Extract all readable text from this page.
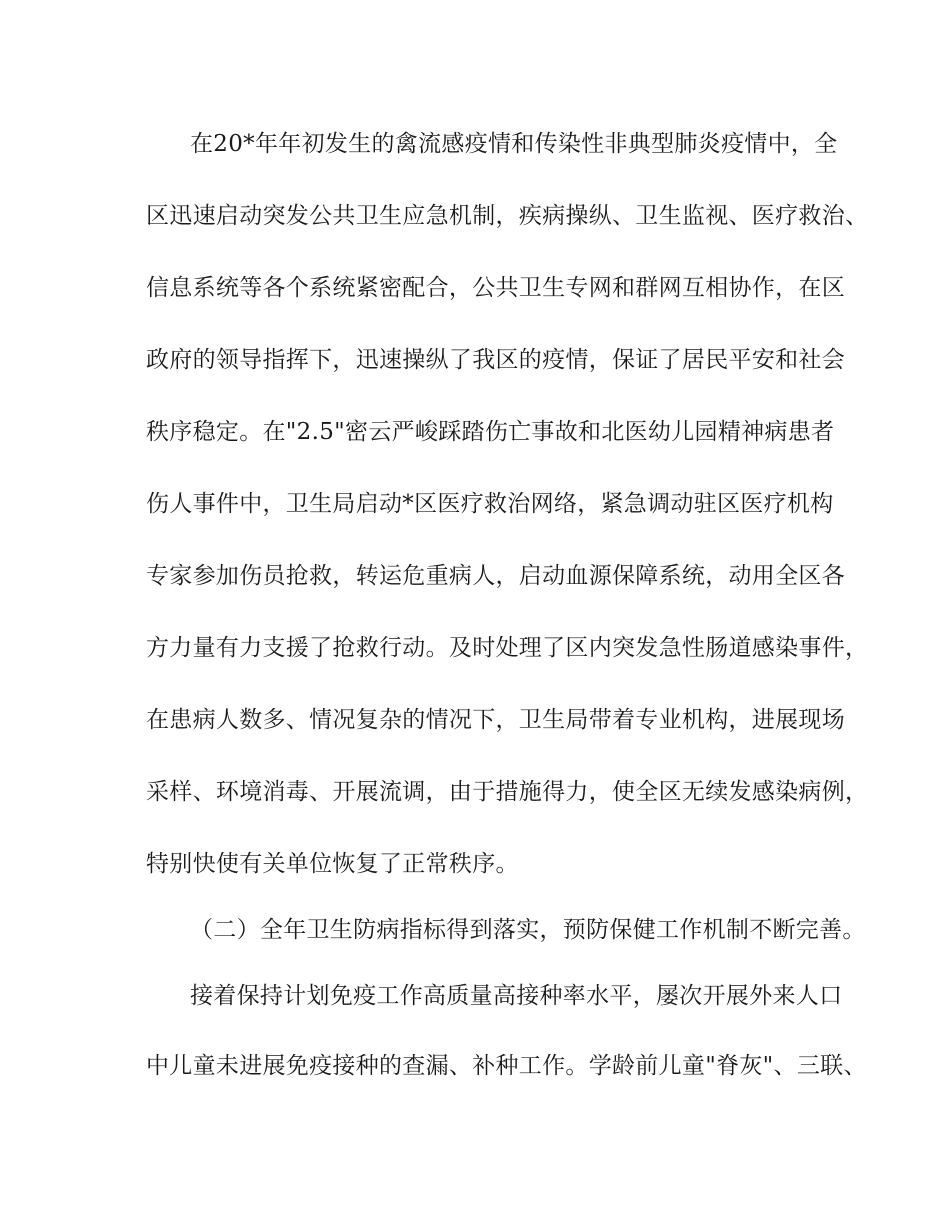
在20*年年初发生的禽流感疫情和传染性非典型肺炎疫情中，全
区迅速启动突发公共卫生应急机制，疾病操纵、卫生监视、医疗救治、
信息系统等各个系统紧密配合，公共卫生专网和群网互相协作，在区
政府的领导指挥下，迅速操纵了我区的疫情，保证了居民平安和社会
秩序稳定。在"2.5"密云严峻踩踏伤亡事故和北医幼儿园精神病患者
伤人事件中，卫生局启动*区医疗救治网络，紧急调动驻区医疗机构
专家参加伤员抢救，转运危重病人，启动血源保障系统，动用全区各
方力量有力支援了抢救行动。及时处理了区内突发急性肠道感染事件，
在患病人数多、情况复杂的情况下，卫生局带着专业机构，进展现场
采样、环境消毒、开展流调，由于措施得力，使全区无续发感染病例，
特别快使有关单位恢复了正常秩序。
（二）全年卫生防病指标得到落实，预防保健工作机制不断完善。
接着保持计划免疫工作高质量高接种率水平，屡次开展外来人口
中儿童未进展免疫接种的查漏、补种工作。学龄前儿童"脊灰"、三联、
